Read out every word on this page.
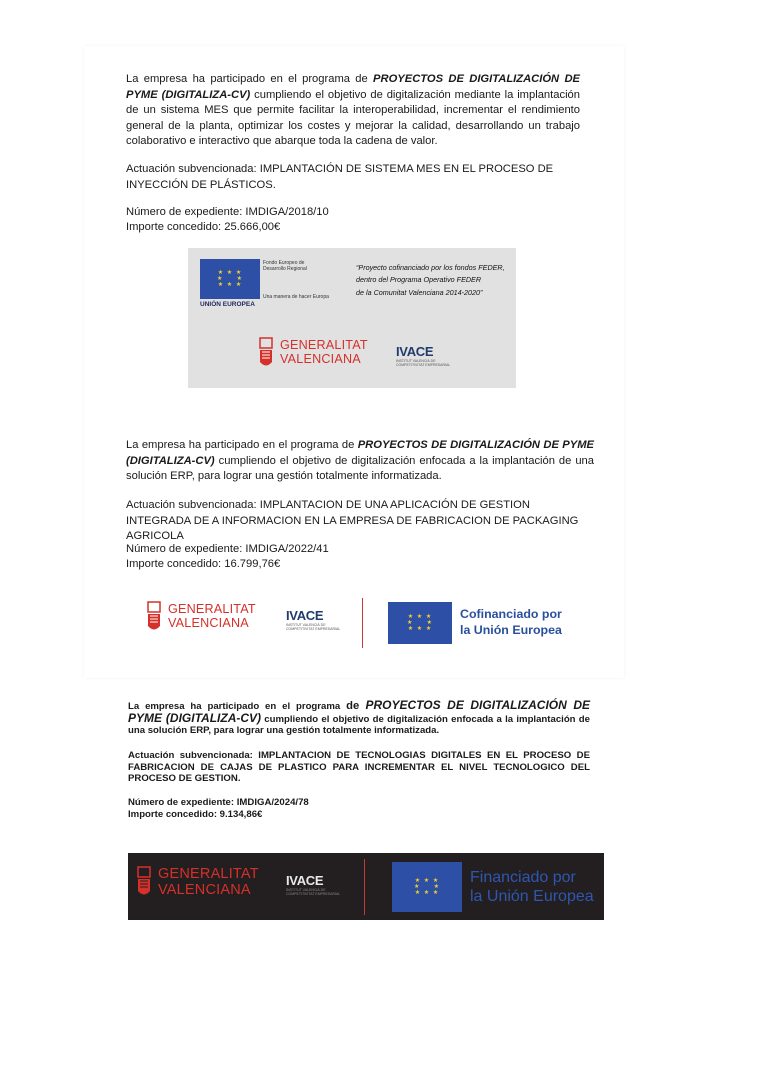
La empresa ha participado en el programa de PROYECTOS DE DIGITALIZACIÓN DE PYME (DIGITALIZA-CV) cumpliendo el objetivo de digitalización mediante la implantación de un sistema MES que permite facilitar la interoperabilidad, incrementar el rendimiento general de la planta, optimizar los costes y mejorar la calidad, desarrollando un trabajo colaborativo e interactivo que abarque toda la cadena de valor.

Actuación subvencionada: IMPLANTACIÓN DE SISTEMA MES EN EL PROCESO DE INYECCIÓN DE PLÁSTICOS.
Número de expediente: IMDIGA/2018/10
Importe concedido: 25.666,00€
★ ★ ★
★     ★
★ ★ ★
Fondo Europeo de Desarrollo Regional
Una manera de hacer Europa
UNIÓN EUROPEA
“Proyecto cofinanciado por los fondos FEDER,
dentro del Programa Operativo FEDER
de la Comunitat Valenciana 2014-2020”
GENERALITAT
VALENCIANA	IVACE
INSTITUT VALENCIÀ DE COMPETITIVITAT EMPRESARIAL

La empresa ha participado en el programa de PROYECTOS DE DIGITALIZACIÓN DE PYME (DIGITALIZA-CV) cumpliendo el objetivo de digitalización enfocada a la implantación de una solución ERP, para lograr una gestión totalmente informatizada.

Actuación subvencionada: IMPLANTACION DE UNA APLICACIÓN DE GESTION INTEGRADA DE A INFORMACION EN LA EMPRESA DE FABRICACION DE PACKAGING AGRICOLA
Número de expediente: IMDIGA/2022/41
Importe concedido: 16.799,76€
GENERALITAT
VALENCIANA	IVACE
INSTITUT VALENCIÀ DE COMPETITIVITAT EMPRESARIAL
★ ★ ★
★     ★
★ ★ ★
Cofinanciado por
la Unión Europea

La empresa ha participado en el programa de PROYECTOS DE DIGITALIZACIÓN DE PYME (DIGITALIZA-CV) cumpliendo el objetivo de digitalización enfocada a la implantación de una solución ERP, para lograr una gestión totalmente informatizada.

Actuación subvencionada: IMPLANTACION DE TECNOLOGIAS DIGITALES EN EL PROCESO DE FABRICACION DE CAJAS DE PLASTICO PARA INCREMENTAR EL NIVEL TECNOLOGICO DEL PROCESO DE GESTION.
Número de expediente: IMDIGA/2024/78
Importe concedido: 9.134,86€
GENERALITAT
VALENCIANA
IVACE
INSTITUT VALENCIÀ DE COMPETITIVITAT EMPRESARIAL
★ ★ ★
★     ★
★ ★ ★
Financiado por
la Unión Europea
